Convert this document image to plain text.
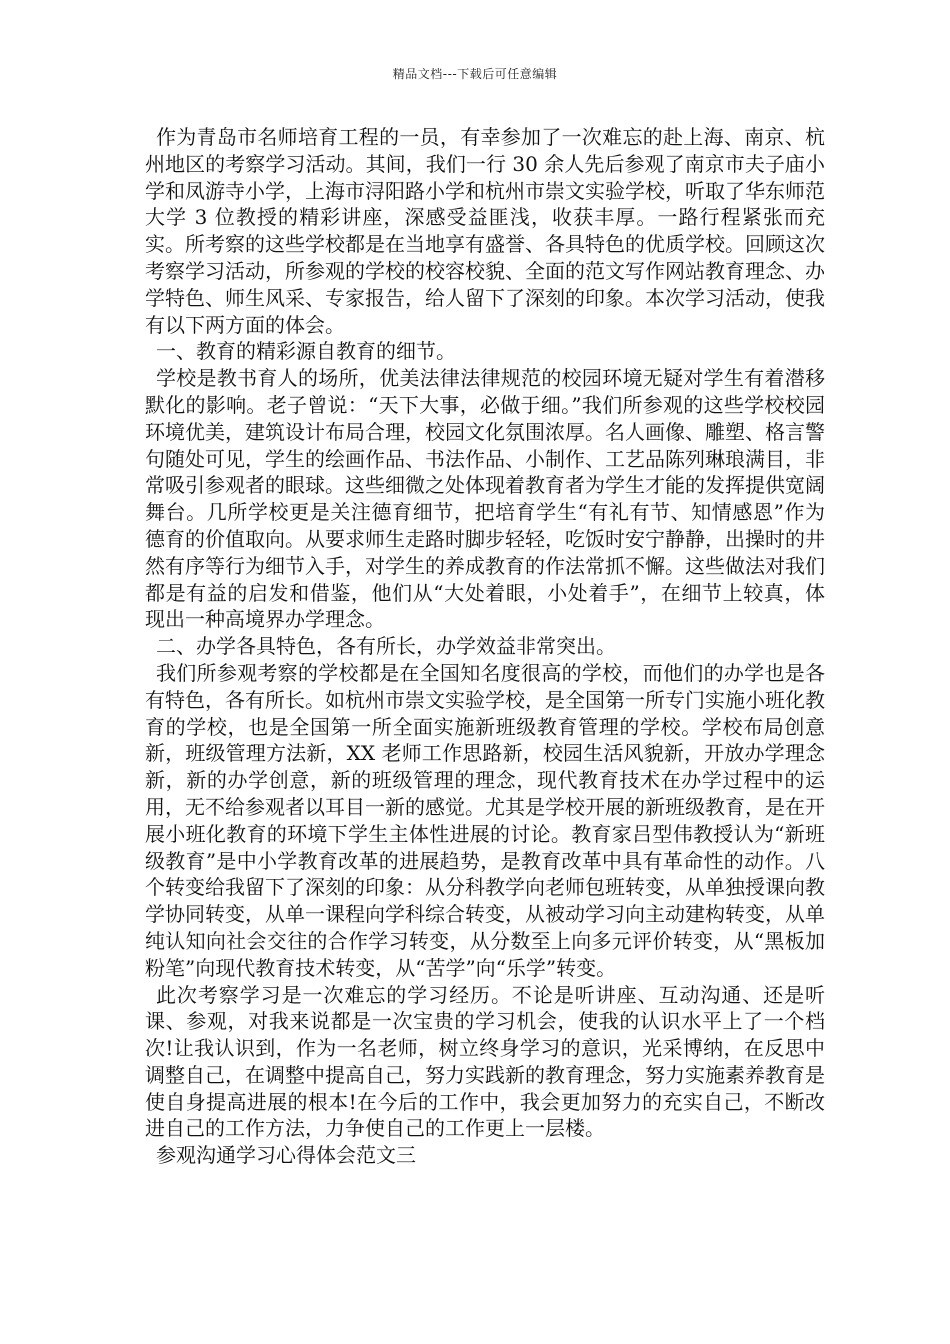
精品文档---下载后可任意编辑

作为青岛市名师培育工程的一员，有幸参加了一次难忘的赴上海、南京、杭州地区的考察学习活动。其间，我们一行 30 余人先后参观了南京市夫子庙小学和凤游寺小学，上海市浔阳路小学和杭州市崇文实验学校，听取了华东师范大学 3 位教授的精彩讲座，深感受益匪浅，收获丰厚。一路行程紧张而充实。所考察的这些学校都是在当地享有盛誉、各具特色的优质学校。回顾这次考察学习活动，所参观的学校的校容校貌、全面的范文写作网站教育理念、办学特色、师生风采、专家报告，给人留下了深刻的印象。本次学习活动，使我有以下两方面的体会。

一、教育的精彩源自教育的细节。

学校是教书育人的场所，优美法律法律规范的校园环境无疑对学生有着潜移默化的影响。老子曾说：“天下大事，必做于细。”我们所参观的这些学校校园环境优美，建筑设计布局合理，校园文化氛围浓厚。名人画像、雕塑、格言警句随处可见，学生的绘画作品、书法作品、小制作、工艺品陈列琳琅满目，非常吸引参观者的眼球。这些细微之处体现着教育者为学生才能的发挥提供宽阔舞台。几所学校更是关注德育细节，把培育学生“有礼有节、知情感恩”作为德育的价值取向。从要求师生走路时脚步轻轻，吃饭时安宁静静，出操时的井然有序等行为细节入手，对学生的养成教育的作法常抓不懈。这些做法对我们都是有益的启发和借鉴，他们从“大处着眼，小处着手”，在细节上较真，体现出一种高境界办学理念。

二、办学各具特色，各有所长，办学效益非常突出。

我们所参观考察的学校都是在全国知名度很高的学校，而他们的办学也是各有特色，各有所长。如杭州市崇文实验学校，是全国第一所专门实施小班化教育的学校，也是全国第一所全面实施新班级教育管理的学校。学校布局创意新，班级管理方法新，XX 老师工作思路新，校园生活风貌新，开放办学理念新，新的办学创意，新的班级管理的理念，现代教育技术在办学过程中的运用，无不给参观者以耳目一新的感觉。尤其是学校开展的新班级教育，是在开展小班化教育的环境下学生主体性进展的讨论。教育家吕型伟教授认为“新班级教育”是中小学教育改革的进展趋势，是教育改革中具有革命性的动作。八个转变给我留下了深刻的印象：从分科教学向老师包班转变，从单独授课向教学协同转变，从单一课程向学科综合转变，从被动学习向主动建构转变，从单纯认知向社会交往的合作学习转变，从分数至上向多元评价转变，从“黑板加粉笔”向现代教育技术转变，从“苦学”向“乐学”转变。

此次考察学习是一次难忘的学习经历。不论是听讲座、互动沟通、还是听课、参观，对我来说都是一次宝贵的学习机会，使我的认识水平上了一个档次!让我认识到，作为一名老师，树立终身学习的意识，光采博纳，在反思中调整自己，在调整中提高自己，努力实践新的教育理念，努力实施素养教育是使自身提高进展的根本!在今后的工作中，我会更加努力的充实自己，不断改进自己的工作方法，力争使自己的工作更上一层楼。

参观沟通学习心得体会范文三
